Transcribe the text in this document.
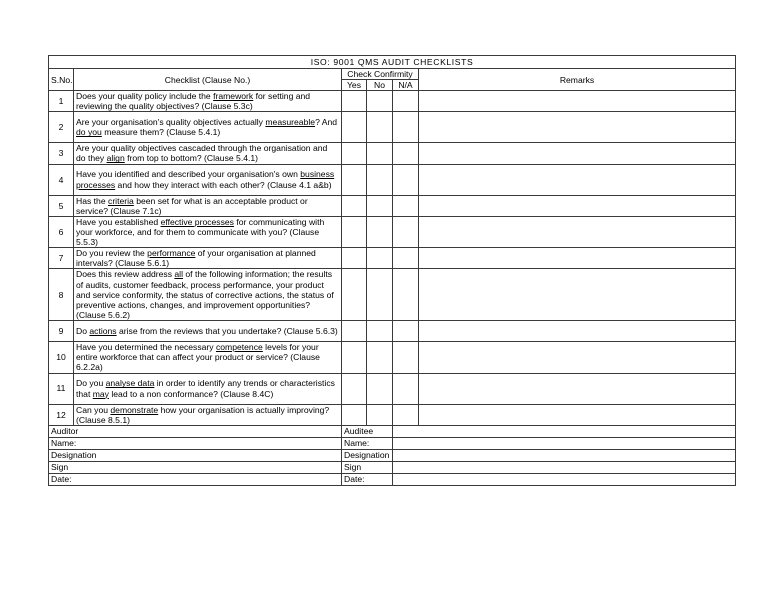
ISO: 9001 QMS AUDIT CHECKLISTS					
S.No.	Checklist (Clause No.)	Check Confirmity			Remarks
		Yes	No	N/A	
1	Does your quality policy include the framework for setting and reviewing the quality objectives? (Clause 5.3c)				
2	Are your organisation's quality objectives actually measureable? And do you measure them? (Clause 5.4.1)				
3	Are your quality objectives cascaded through the organisation and do they align from top to bottom? (Clause 5.4.1)				
4	Have you identified and described your organisation's own business processes and how they interact with each other? (Clause 4.1 a&b)				
5	Has the criteria been set for what is an acceptable product or service? (Clause 7.1c)				
6	Have you established effective processes for communicating with your workforce, and for them to communicate with you? (Clause 5.5.3)				
7	Do you review the performance of your organisation at planned intervals? (Clause 5.6.1)				
8	Does this review address all of the following information; the results of audits, customer feedback, process performance, your product and service conformity, the status of corrective actions, the status of preventive actions, changes, and improvement opportunities? (Clause 5.6.2)				
9	Do actions arise from the reviews that you undertake? (Clause 5.6.3)				
10	Have you determined the necessary competence levels for your entire workforce that can affect your product or service? (Clause 6.2.2a)				
11	Do you analyse data in order to identify any trends or characteristics that may lead to a non conformance? (Clause 8.4C)				
12	Can you demonstrate how your organisation is actually improving? (Clause 8.5.1)				
Auditor		Auditee			
Name:		Name:			
Designation		Designation			
Sign		Sign			
Date:		Date:			
